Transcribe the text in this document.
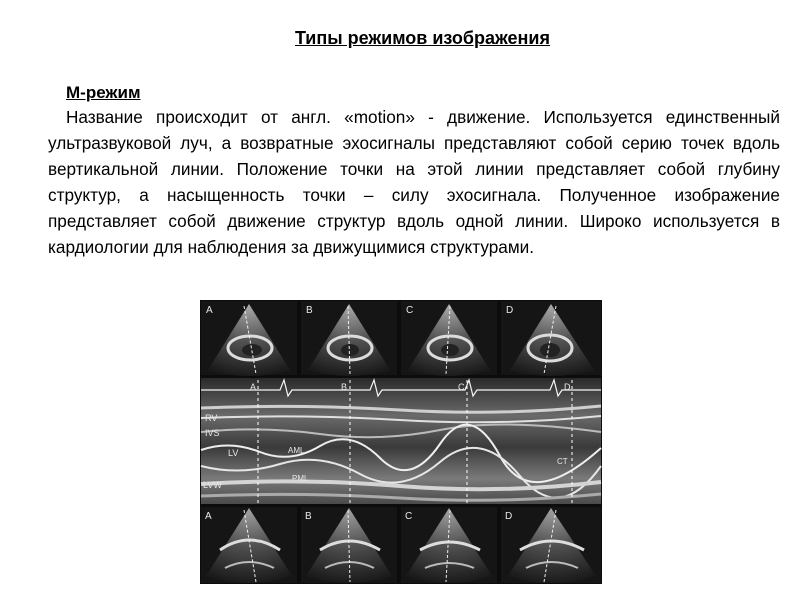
Типы режимов изображения
М-режим

Название происходит от англ. «motion» - движение. Используется единственный ультразвуковой луч, а возвратные эхосигналы представляют собой серию точек вдоль вертикальной линии. Положение точки на этой линии представляет собой глубину структур, а насыщенность точки – силу эхосигнала. Полученное изображение представляет собой движение структур вдоль одной линии. Широко используется в кардиологии для наблюдения за движущимися структурами.

A	B	C	D
A	B	C	D
RV
IVS
LV	AML
PML
LVW
CT
A	B	C	D
